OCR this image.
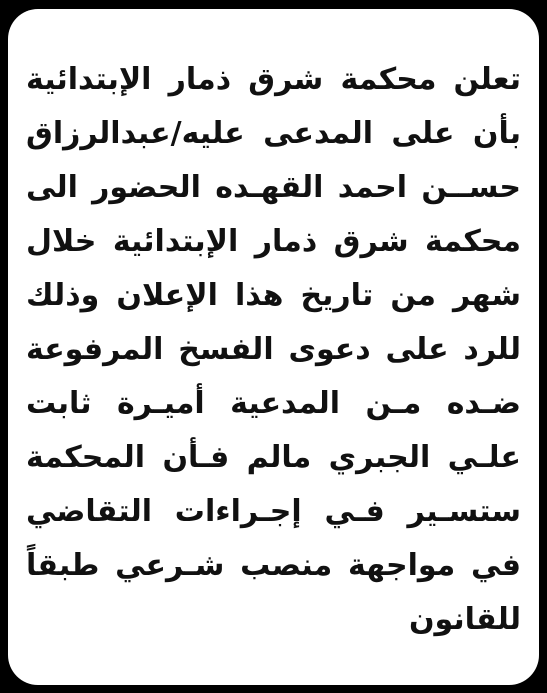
تعلن محكمة شرق ذمار الإبتدائية
بأن على المدعى عليه/عبدالرزاق
حســن احمد القهـده الحضور الى
محكمة شرق ذمار الإبتدائية خلال
شهر من تاريخ هذا الإعلان وذلك
للرد على دعوى الفسخ المرفوعة
ضـده مـن المدعية أميـرة ثابت
علـي الجبري مالم فـأن المحكمة
ستسـير فـي إجـراءات التقاضي
في مواجهة منصب شـرعي طبقاً
للقانون
